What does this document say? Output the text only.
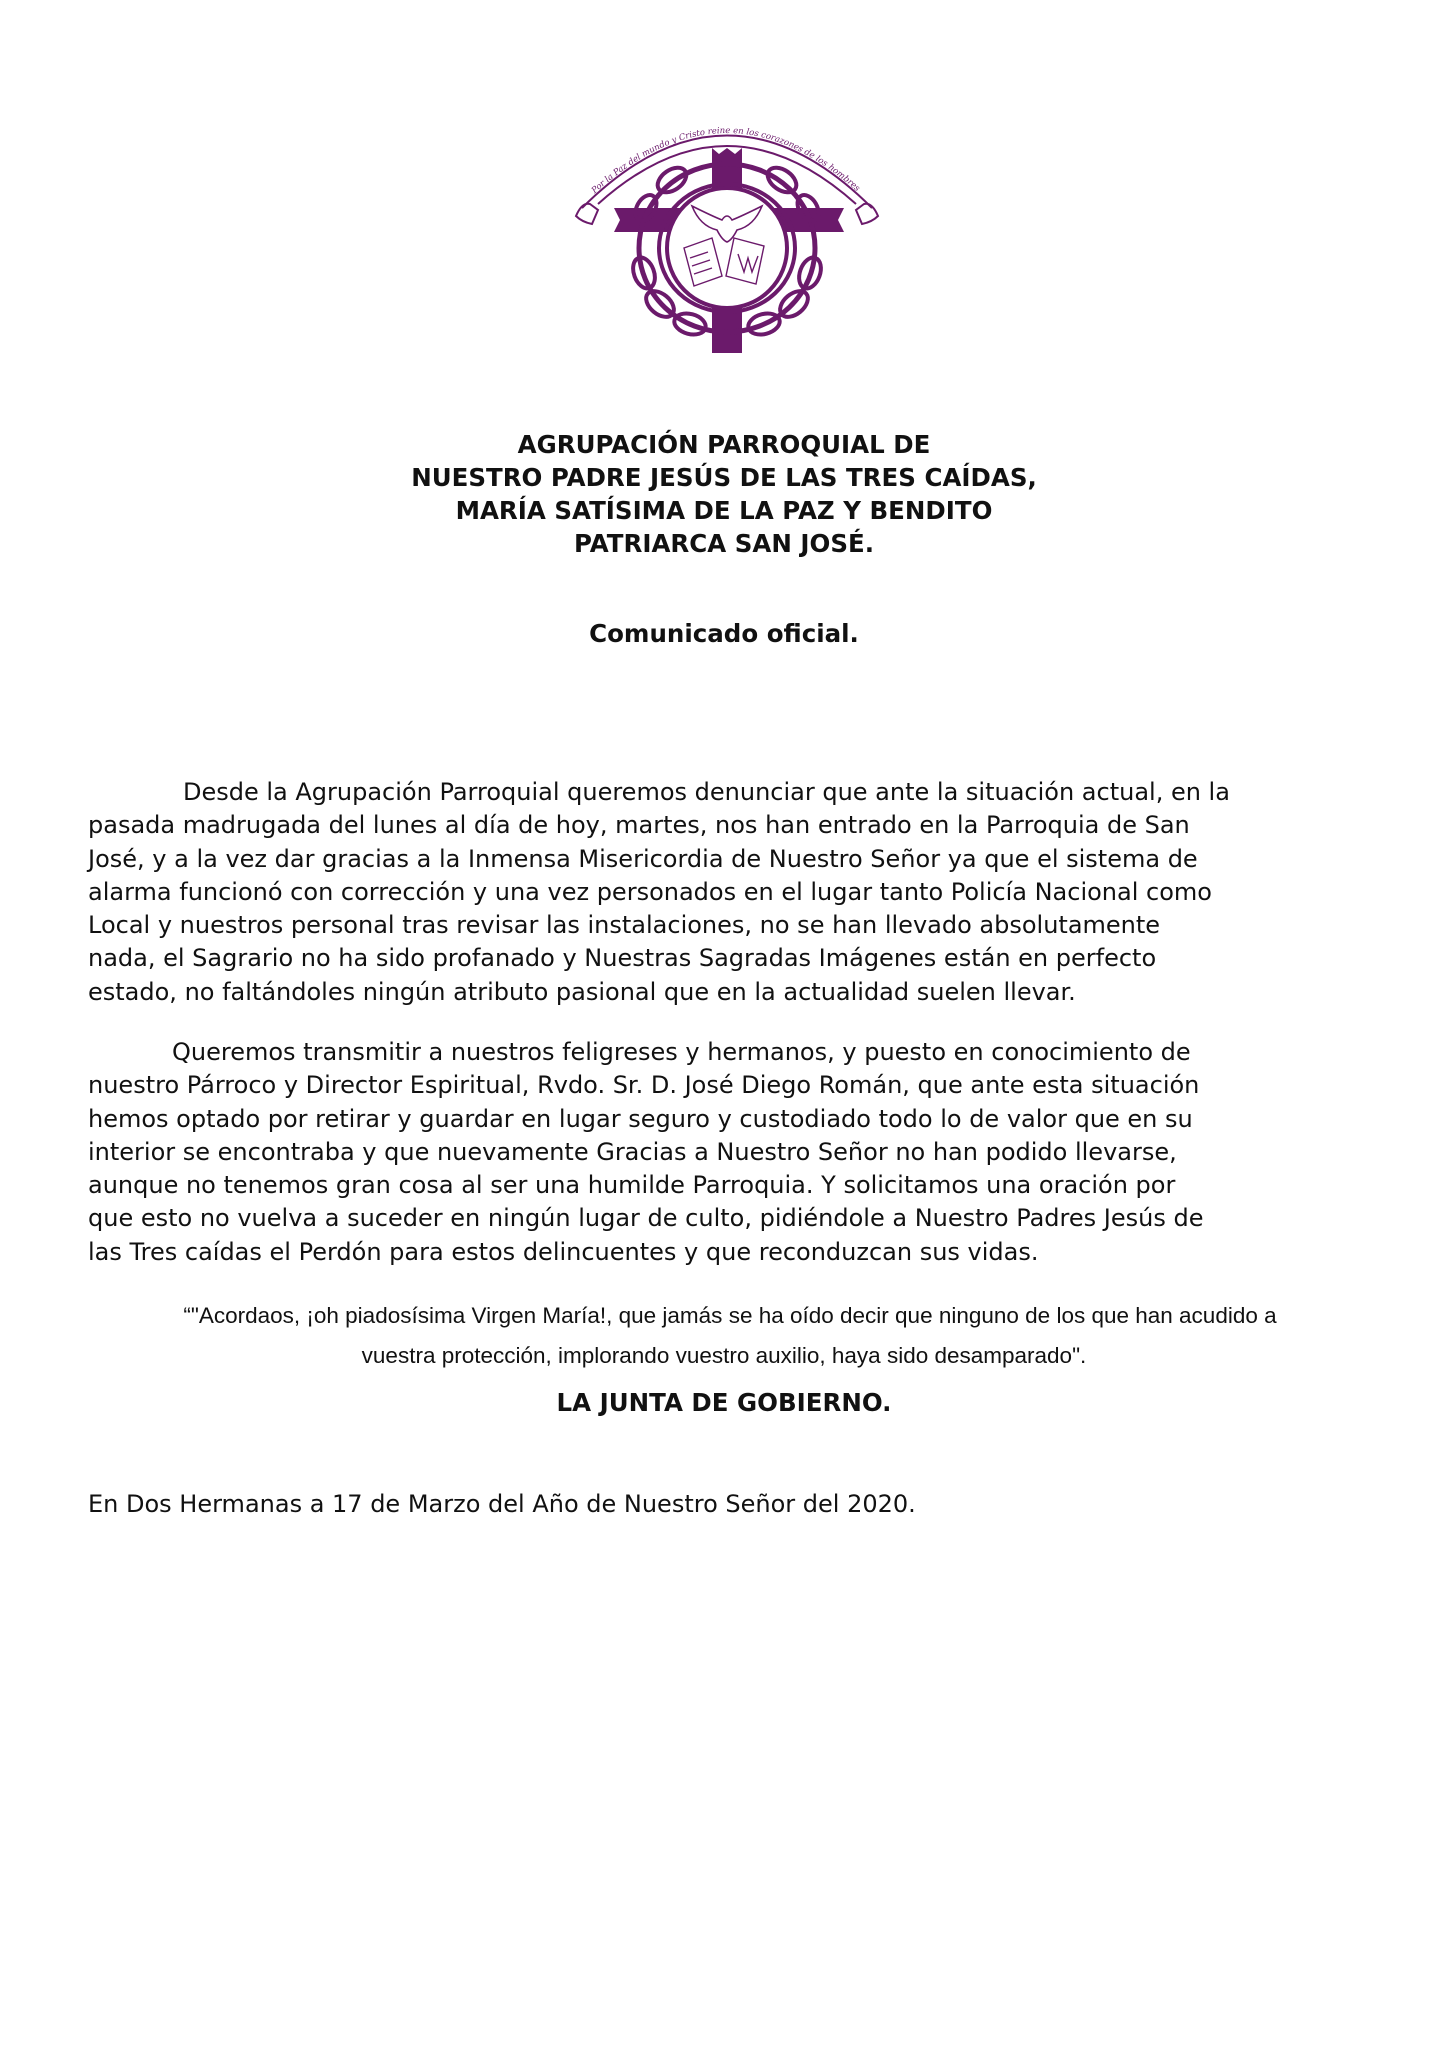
Por la Paz del mundo y Cristo reine en los corazones de los hombres
AGRUPACIÓN PARROQUIAL DE
NUESTRO PADRE JESÚS DE LAS TRES CAÍDAS,
MARÍA SATÍSIMA DE LA PAZ Y BENDITO
PATRIARCA SAN JOSÉ.
Comunicado oficial.
Desde la Agrupación Parroquial queremos denunciar que ante la situación actual, en la
pasada madrugada del lunes al día de hoy, martes, nos han entrado en la Parroquia de San
José, y a la vez dar gracias a la Inmensa Misericordia de Nuestro Señor ya que el sistema de
alarma funcionó con corrección y una vez personados en el lugar tanto Policía Nacional como
Local y nuestros personal tras revisar las instalaciones, no se han llevado absolutamente
nada, el Sagrario no ha sido profanado y Nuestras Sagradas Imágenes están en perfecto
estado, no faltándoles ningún atributo pasional que en la actualidad suelen llevar.
Queremos transmitir a nuestros feligreses y hermanos, y puesto en conocimiento de
nuestro Párroco y Director Espiritual, Rvdo. Sr. D. José Diego Román, que ante esta situación
hemos optado por retirar y guardar en lugar seguro y custodiado todo lo de valor que en su
interior se encontraba y que nuevamente Gracias a Nuestro Señor no han podido llevarse,
aunque no tenemos gran cosa al ser una humilde Parroquia. Y solicitamos una oración por
que esto no vuelva a suceder en ningún lugar de culto, pidiéndole a Nuestro Padres Jesús de
las Tres caídas el Perdón para estos delincuentes y que reconduzcan sus vidas.
“"Acordaos, ¡oh piadosísima Virgen María!, que jamás se ha oído decir que ninguno de los que han acudido a
vuestra protección, implorando vuestro auxilio, haya sido desamparado".
LA JUNTA DE GOBIERNO.
En Dos Hermanas a 17 de Marzo del Año de Nuestro Señor del 2020.
